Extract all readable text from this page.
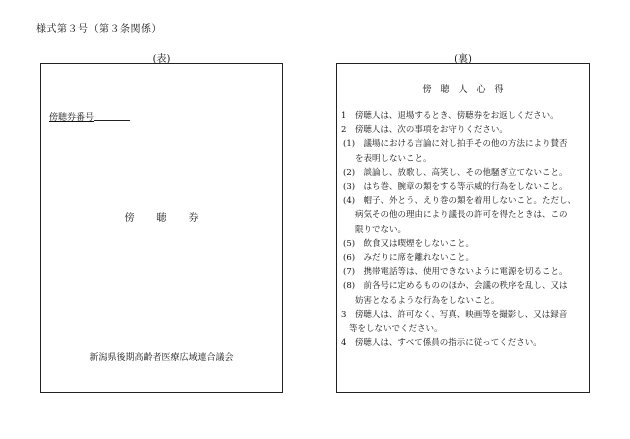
様式第３号（第３条関係）
(表)	(裏)
傍聴券番号
傍聴券
新潟県後期高齢者医療広域連合議会
傍聴人心得
1　傍聴人は、退場するとき、傍聴券をお返しください。
2　傍聴人は、次の事項をお守りください。
(1)　議場における言論に対し拍手その他の方法により賛否
を表明しないこと。
(2)　談論し、放歌し、高笑し、その他騒ぎ立てないこと。
(3)　はち巻、腕章の類をする等示威的行為をしないこと。
(4)　帽子、外とう、えり巻の類を着用しないこと。ただし、
病気その他の理由により議長の許可を得たときは、この
限りでない。
(5)　飲食又は喫煙をしないこと。
(6)　みだりに席を離れないこと。
(7)　携帯電話等は、使用できないように電源を切ること。
(8)　前各号に定めるもののほか、会議の秩序を乱し、又は
妨害となるような行為をしないこと。
3　傍聴人は、許可なく、写真、映画等を撮影し、又は録音
等をしないでください。
4　傍聴人は、すべて係員の指示に従ってください。
